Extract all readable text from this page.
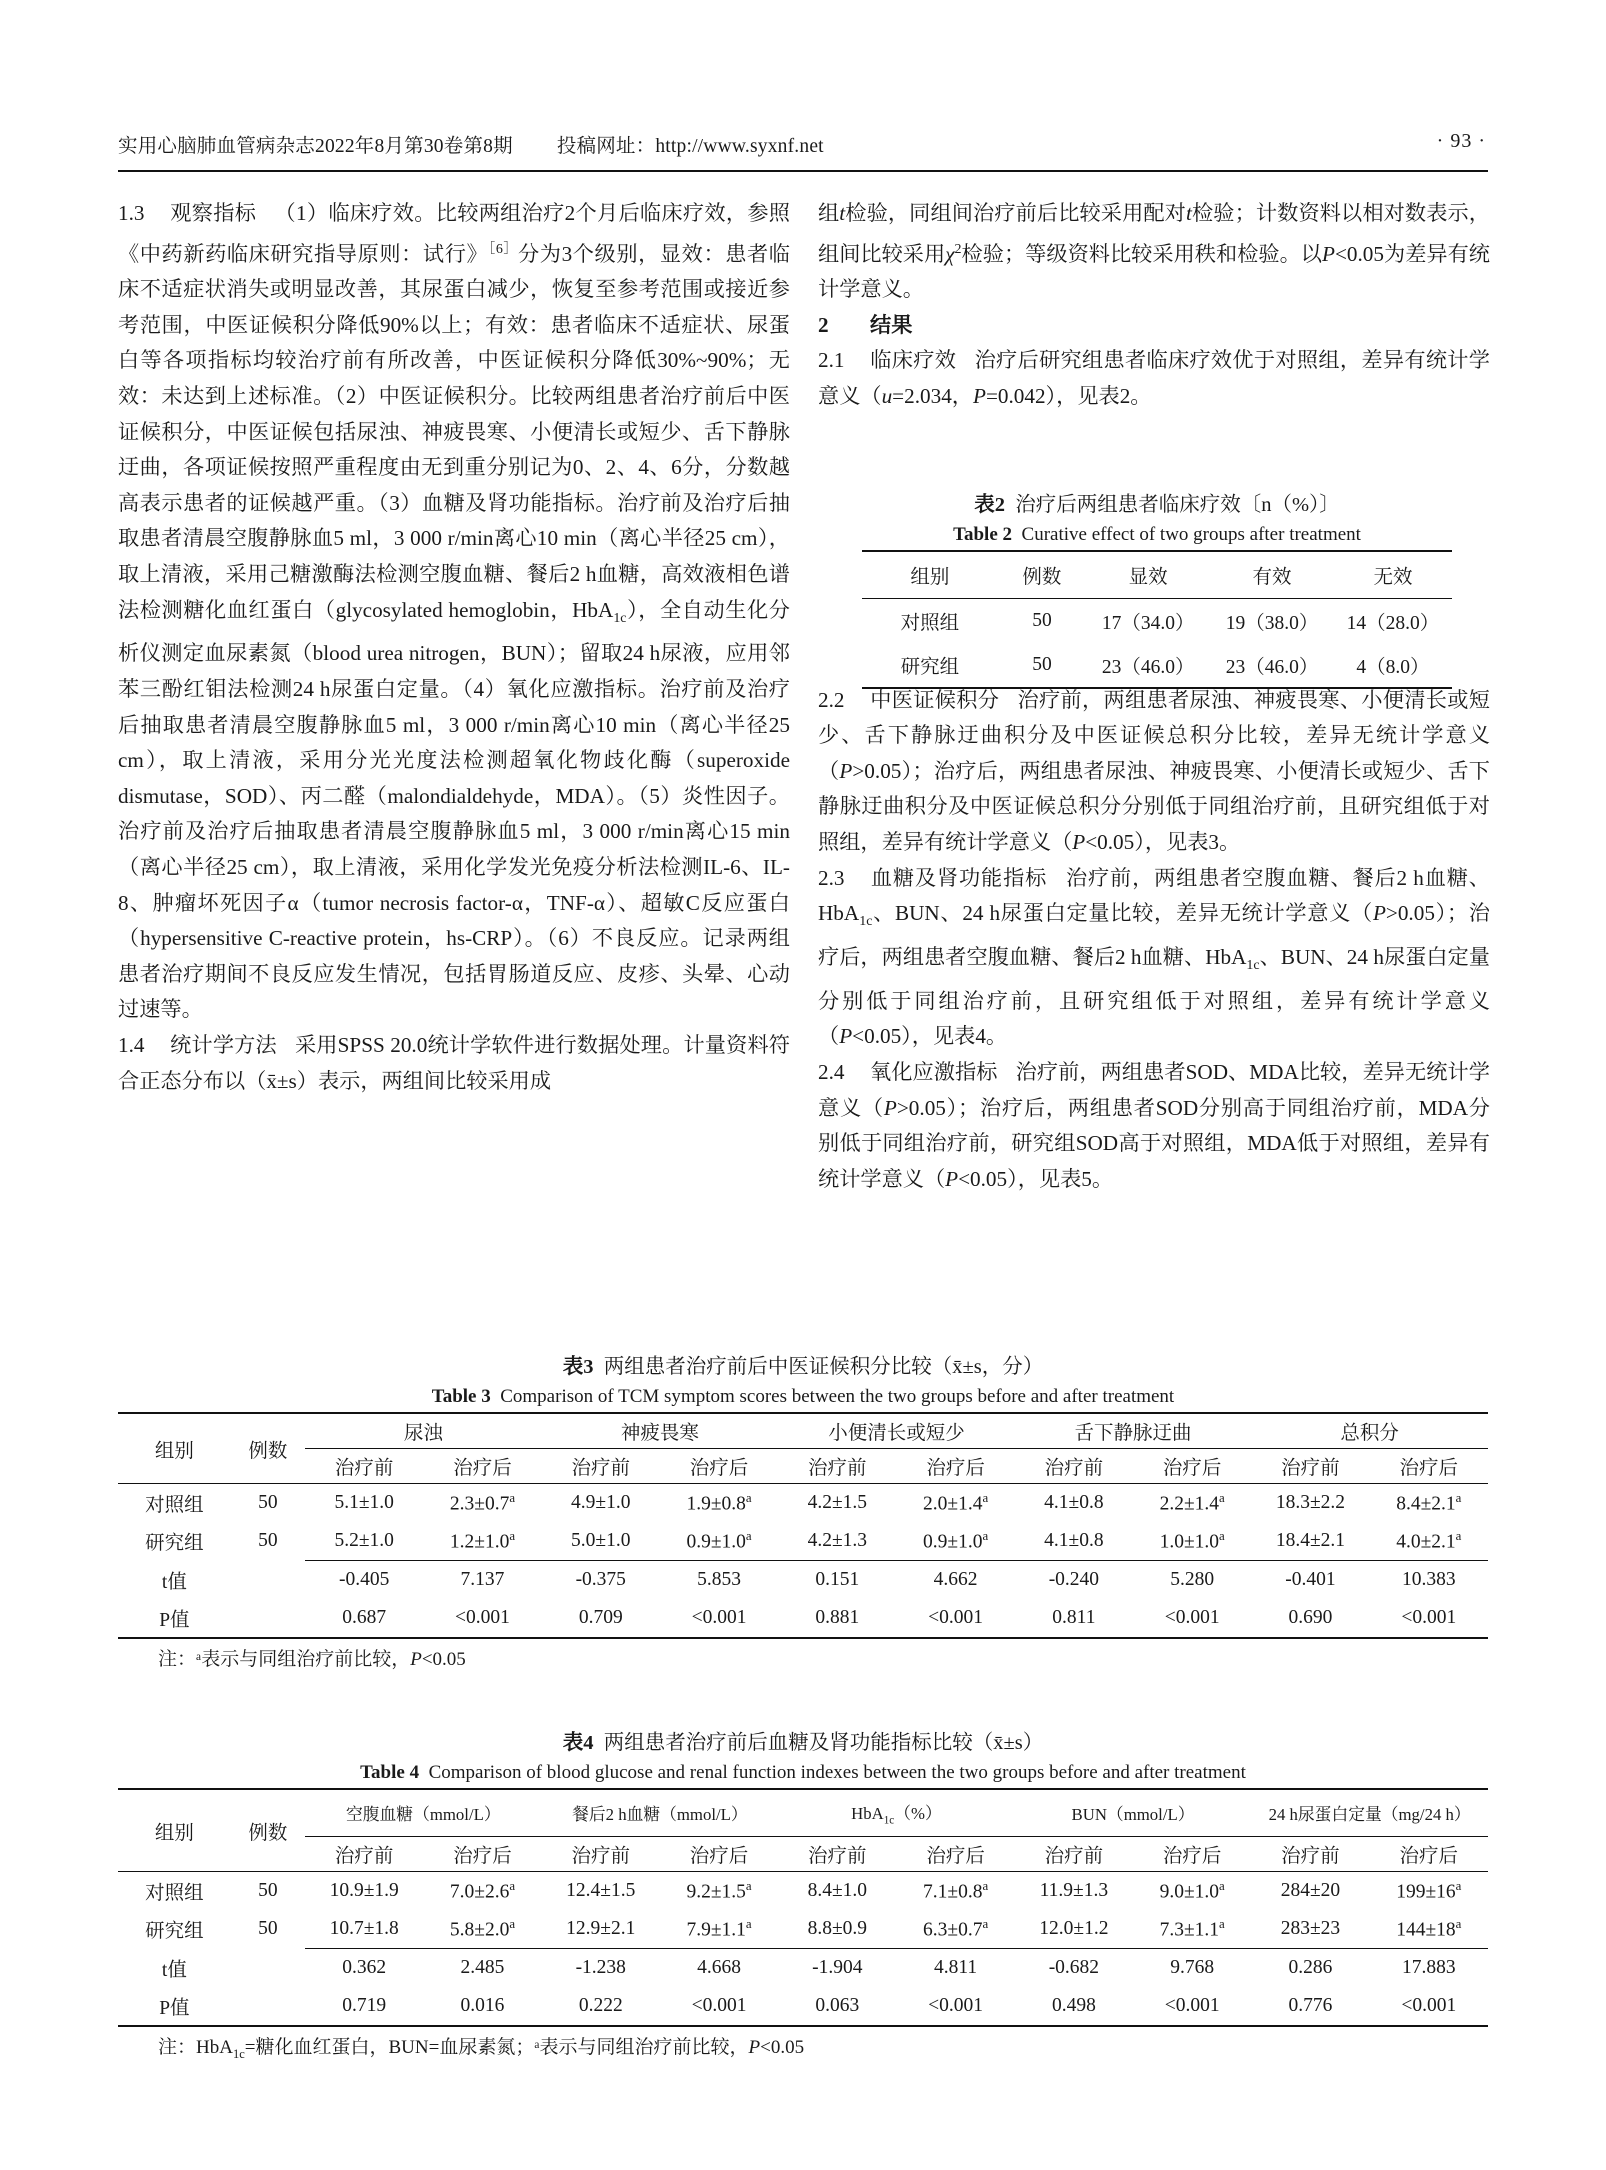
实用心脑肺血管病杂志2022年8月第30卷第8期 投稿网址：http://www.syxnf.net	· 93 ·

1.3 观察指标 （1）临床疗效。比较两组治疗2个月后临床疗效，参照《中药新药临床研究指导原则：试行》$^{[6]}$分为3个级别，显效：患者临床不适症状消失或明显改善，其尿蛋白减少，恢复至参考范围或接近参考范围，中医证候积分降低90%以上；有效：患者临床不适症状、尿蛋白等各项指标均较治疗前有所改善，中医证候积分降低30%~90%；无效：未达到上述标准。（2）中医证候积分。比较两组患者治疗前后中医证候积分，中医证候包括尿浊、神疲畏寒、小便清长或短少、舌下静脉迂曲，各项证候按照严重程度由无到重分别记为0、2、4、6分，分数越高表示患者的证候越严重。（3）血糖及肾功能指标。治疗前及治疗后抽取患者清晨空腹静脉血5 ml，3 000 r/min离心10 min（离心半径25 cm），取上清液，采用己糖激酶法检测空腹血糖、餐后2 h血糖，高效液相色谱法检测糖化血红蛋白（glycosylated hemoglobin，HbA$_{1c}$），全自动生化分析仪测定血尿素氮（blood urea nitrogen，BUN）；留取24 h尿液，应用邻苯三酚红钼法检测24 h尿蛋白定量。（4）氧化应激指标。治疗前及治疗后抽取患者清晨空腹静脉血5 ml，3 000 r/min离心10 min（离心半径25 cm），取上清液，采用分光光度法检测超氧化物歧化酶（superoxide dismutase，SOD）、丙二醛（malondialdehyde，MDA）。（5）炎性因子。治疗前及治疗后抽取患者清晨空腹静脉血5 ml，3 000 r/min离心15 min（离心半径25 cm），取上清液，采用化学发光免疫分析法检测IL-6、IL-8、肿瘤坏死因子α（tumor necrosis factor-α，TNF-α）、超敏C反应蛋白（hypersensitive C-reactive protein，hs-CRP）。（6）不良反应。记录两组患者治疗期间不良反应发生情况，包括胃肠道反应、皮疹、头晕、心动过速等。

1.4 统计学方法 采用SPSS 20.0统计学软件进行数据处理。计量资料符合正态分布以（x̄±s）表示，两组间比较采用成

组t检验，同组间治疗前后比较采用配对t检验；计数资料以相对数表示，组间比较采用χ$^2$检验；等级资料比较采用秩和检验。以P<0.05为差异有统计学意义。

2 结果

2.1 临床疗效 治疗后研究组患者临床疗效优于对照组，差异有统计学意义（u=2.034，P=0.042），见表2。

2.2 中医证候积分 治疗前，两组患者尿浊、神疲畏寒、小便清长或短少、舌下静脉迂曲积分及中医证候总积分比较，差异无统计学意义（P>0.05）；治疗后，两组患者尿浊、神疲畏寒、小便清长或短少、舌下静脉迂曲积分及中医证候总积分分别低于同组治疗前，且研究组低于对照组，差异有统计学意义（P<0.05），见表3。

2.3 血糖及肾功能指标 治疗前，两组患者空腹血糖、餐后2 h血糖、HbA$_{1c}$、BUN、24 h尿蛋白定量比较，差异无统计学意义（P>0.05）；治疗后，两组患者空腹血糖、餐后2 h血糖、HbA$_{1c}$、BUN、24 h尿蛋白定量分别低于同组治疗前，且研究组低于对照组，差异有统计学意义（P<0.05），见表4。

2.4 氧化应激指标 治疗前，两组患者SOD、MDA比较，差异无统计学意义（P>0.05）；治疗后，两组患者SOD分别高于同组治疗前，MDA分别低于同组治疗前，研究组SOD高于对照组，MDA低于对照组，差异有统计学意义（P<0.05），见表5。

表2 治疗后两组患者临床疗效〔n（%）〕
Table 2 Curative effect of two groups after treatment
组别	例数	显效	有效	无效
对照组	50	17（34.0）	19（38.0）	14（28.0）
研究组	50	23（46.0）	23（46.0）	4（8.0）
表3 两组患者治疗前后中医证候积分比较（x̄±s，分）
Table 3 Comparison of TCM symptom scores between the two groups before and after treatment
组别	例数	尿浊		神疲畏寒		小便清长或短少		舌下静脉迂曲		总积分	
		治疗前	治疗后	治疗前	治疗后	治疗前	治疗后	治疗前	治疗后	治疗前	治疗后
对照组	50	5.1±1.0	2.3±0.7$^a$	4.9±1.0	1.9±0.8$^a$	4.2±1.5	2.0±1.4$^a$	4.1±0.8	2.2±1.4$^a$	18.3±2.2	8.4±2.1$^a$
研究组	50	5.2±1.0	1.2±1.0$^a$	5.0±1.0	0.9±1.0$^a$	4.2±1.3	0.9±1.0$^a$	4.1±0.8	1.0±1.0$^a$	18.4±2.1	4.0±2.1$^a$
t值		-0.405	7.137	-0.375	5.853	0.151	4.662	-0.240	5.280	-0.401	10.383
P值		0.687	<0.001	0.709	<0.001	0.881	<0.001	0.811	<0.001	0.690	<0.001
注：ᵃ表示与同组治疗前比较，P<0.05
表4 两组患者治疗前后血糖及肾功能指标比较（x̄±s）
Table 4 Comparison of blood glucose and renal function indexes between the two groups before and after treatment
组别	例数	空腹血糖（mmol/L）		餐后2 h血糖（mmol/L）		HbA$_{1c}$（%）		BUN（mmol/L）		24 h尿蛋白定量（mg/24 h）	
		治疗前	治疗后	治疗前	治疗后	治疗前	治疗后	治疗前	治疗后	治疗前	治疗后
对照组	50	10.9±1.9	7.0±2.6$^a$	12.4±1.5	9.2±1.5$^a$	8.4±1.0	7.1±0.8$^a$	11.9±1.3	9.0±1.0$^a$	284±20	199±16$^a$
研究组	50	10.7±1.8	5.8±2.0$^a$	12.9±2.1	7.9±1.1$^a$	8.8±0.9	6.3±0.7$^a$	12.0±1.2	7.3±1.1$^a$	283±23	144±18$^a$
t值		0.362	2.485	-1.238	4.668	-1.904	4.811	-0.682	9.768	0.286	17.883
P值		0.719	0.016	0.222	<0.001	0.063	<0.001	0.498	<0.001	0.776	<0.001
注：HbA$_{1c}$=糖化血红蛋白，BUN=血尿素氮；ᵃ表示与同组治疗前比较，P<0.05
